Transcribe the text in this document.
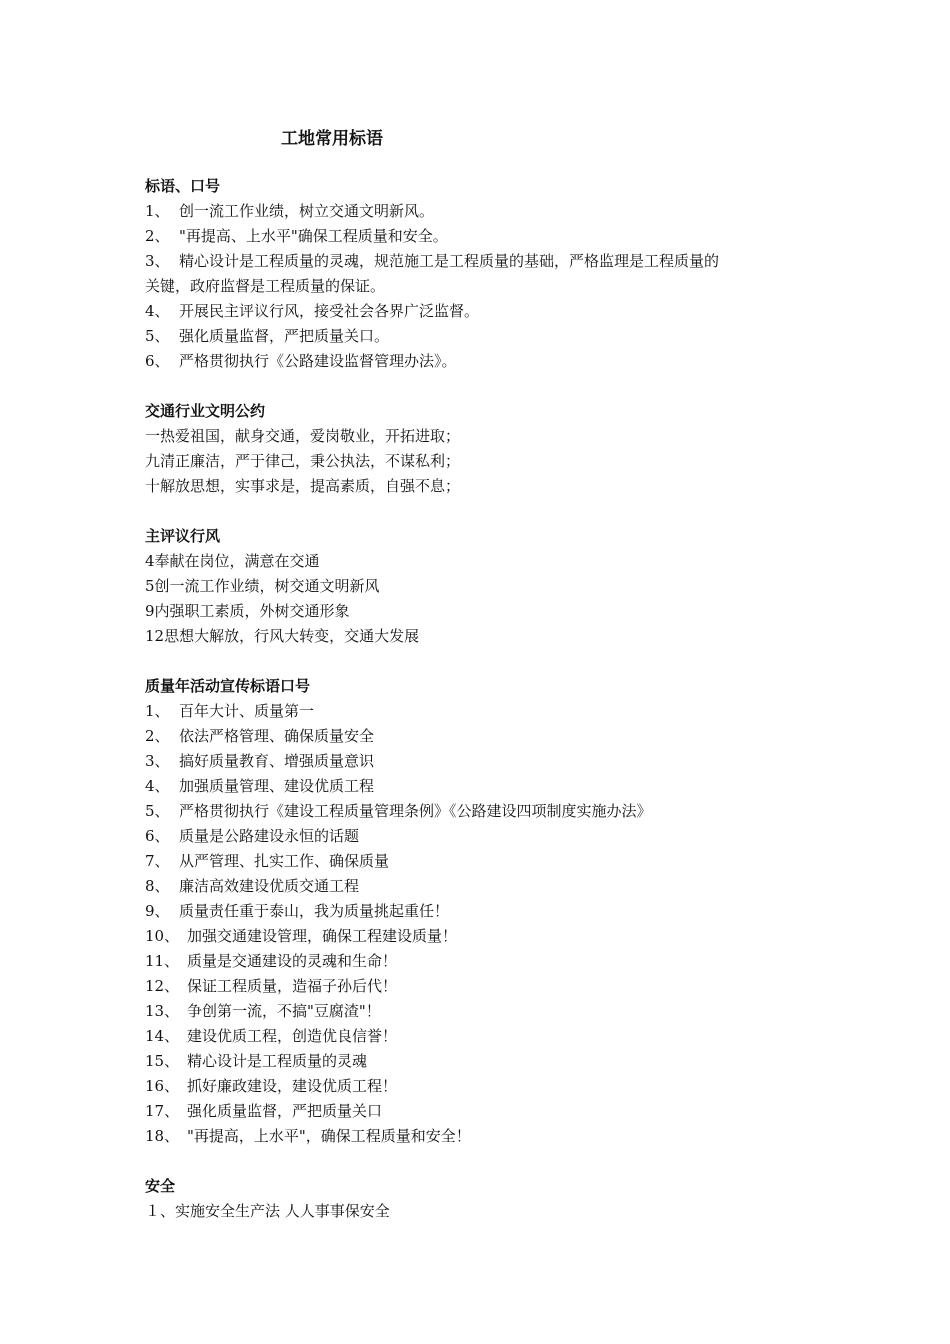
工地常用标语
标语、口号
1、 创一流工作业绩，树立交通文明新风。
2、 "再提高、上水平"确保工程质量和安全。
3、 精心设计是工程质量的灵魂，规范施工是工程质量的基础，严格监理是工程质量的
关键，政府监督是工程质量的保证。
4、 开展民主评议行风，接受社会各界广泛监督。
5、 强化质量监督，严把质量关口。
6、 严格贯彻执行《公路建设监督管理办法》。
交通行业文明公约
一热爱祖国，献身交通，爱岗敬业，开拓进取；
九清正廉洁，严于律己，秉公执法，不谋私利；
十解放思想，实事求是，提高素质，自强不息；
主评议行风
4奉献在岗位，满意在交通
5创一流工作业绩，树交通文明新风
9内强职工素质，外树交通形象
12思想大解放，行风大转变，交通大发展
质量年活动宣传标语口号
1、 百年大计、质量第一
2、 依法严格管理、确保质量安全
3、 搞好质量教育、增强质量意识
4、 加强质量管理、建设优质工程
5、 严格贯彻执行《建设工程质量管理条例》《公路建设四项制度实施办法》
6、 质量是公路建设永恒的话题
7、 从严管理、扎实工作、确保质量
8、 廉洁高效建设优质交通工程
9、 质量责任重于泰山，我为质量挑起重任！
10、 加强交通建设管理，确保工程建设质量！
11、 质量是交通建设的灵魂和生命！
12、 保证工程质量，造福子孙后代！
13、 争创第一流，不搞"豆腐渣"！
14、 建设优质工程，创造优良信誉！
15、 精心设计是工程质量的灵魂
16、 抓好廉政建设，建设优质工程！
17、 强化质量监督，严把质量关口
18、 "再提高，上水平"，确保工程质量和安全！
安全
１、实施安全生产法 人人事事保安全
